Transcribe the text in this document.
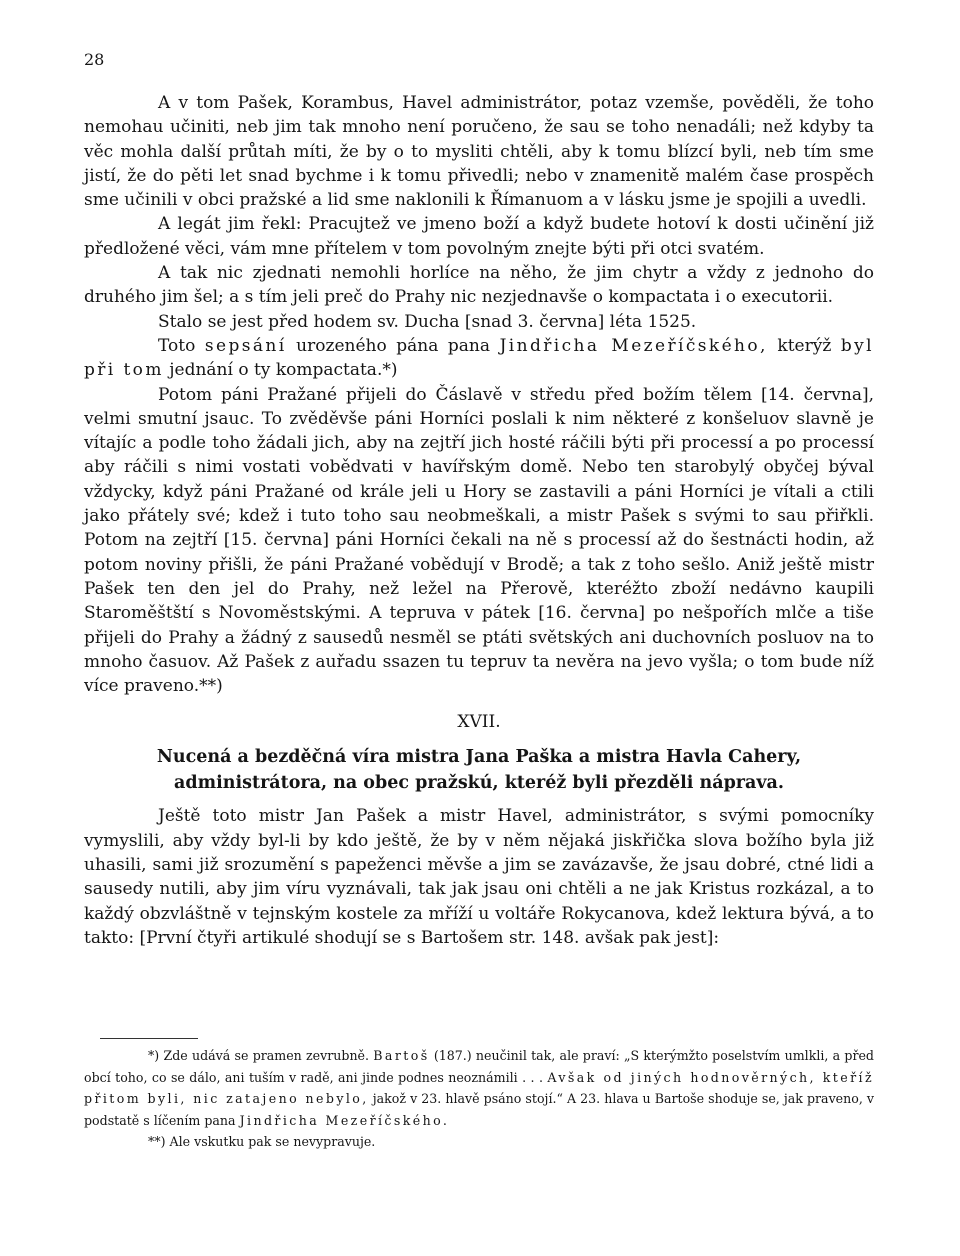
28

A v tom Pašek, Korambus, Havel administrátor, potaz vzemše, pověděli, že toho nemohau učiniti, neb jim tak mnoho není poručeno, že sau se toho nenadáli; než kdyby ta věc mohla další průtah míti, že by o to mysliti chtěli, aby k tomu blízcí byli, neb tím sme jistí, že do pěti let snad bychme i k tomu přivedli; nebo v znamenitě malém čase prospěch sme učinili v obci pražské a lid sme naklonili k Římanuom a v lásku jsme je spojili a uvedli.

A legát jim řekl: Pracujtež ve jmeno boží a když budete hotoví k dosti učinění již předložené věci, vám mne přítelem v tom povolným znejte býti při otci svatém.

A tak nic zjednati nemohli horlíce na něho, že jim chytr a vždy z jednoho do druhého jim šel; a s tím jeli preč do Prahy nic nezjednavše o kompactata i o executorii.

Stalo se jest před hodem sv. Ducha [snad 3. června] léta 1525.

Toto sepsání urozeného pána pana Jindřicha Mezeříčského, kterýž byl při tom jednání o ty kompactata.*)

Potom páni Pražané přijeli do Čáslavě v středu před božím tělem [14. června], velmi smutní jsauc. To zvěděvše páni Horníci poslali k nim některé z konšeluov slavně je vítajíc a podle toho žádali jich, aby na zejtří jich hosté ráčili býti při processí a po processí aby ráčili s nimi vostati vobědvati v havířským domě. Nebo ten starobylý obyčej býval vždycky, když páni Pražané od krále jeli u Hory se zastavili a páni Horníci je vítali a ctili jako přátely své; kdež i tuto toho sau neobmeškali, a mistr Pašek s svými to sau přiřkli. Potom na zejtří [15. června] páni Horníci čekali na ně s processí až do šestnácti hodin, až potom noviny přišli, že páni Pražané vobědují v Brodě; a tak z toho sešlo. Aniž ještě mistr Pašek ten den jel do Prahy, než ležel na Přerově, kteréžto zboží nedávno kaupili Staroměštští s Novoměstskými. A tepruva v pátek [16. června] po nešpořích mlče a tiše přijeli do Prahy a žádný z sausedů nesměl se ptáti světských ani duchovních posluov na to mnoho časuov. Až Pašek z auřadu ssazen tu tepruv ta nevěra na jevo vyšla; o tom bude níž více praveno.**)

XVII.
Nucená a bezděčná víra mistra Jana Paška a mistra Havla Cahery, administrátora, na obec pražskú, kteréž byli přezděli náprava.

Ještě toto mistr Jan Pašek a mistr Havel, administrátor, s svými pomocníky vymyslili, aby vždy byl-li by kdo ještě, že by v něm nějaká jiskřička slova božího byla již uhasili, sami již srozumění s papeženci měvše a jim se zavázavše, že jsau dobré, ctné lidi a sausedy nutili, aby jim víru vyznávali, tak jak jsau oni chtěli a ne jak Kristus rozkázal, a to každý obzvláštně v tejnským kostele za mříží u voltáře Rokycanova, kdež lektura bývá, a to takto: [První čtyři artikulé shodují se s Bartošem str. 148. avšak pak jest]:

*) Zde udává se pramen zevrubně. Bartoš (187.) neučinil tak, ale praví: „S kterýmžto poselstvím umlkli, a před obcí toho, co se dálo, ani tuším v radě, ani jinde podnes neoznámili . . . Avšak od jiných hodnověrných, kteříž přitom byli, nic zatajeno nebylo, jakož v 23. hlavě psáno stojí.“ A 23. hlava u Bartoše shoduje se, jak praveno, v podstatě s líčením pana Jindřicha Mezeříčského.

**) Ale vskutku pak se nevypravuje.
